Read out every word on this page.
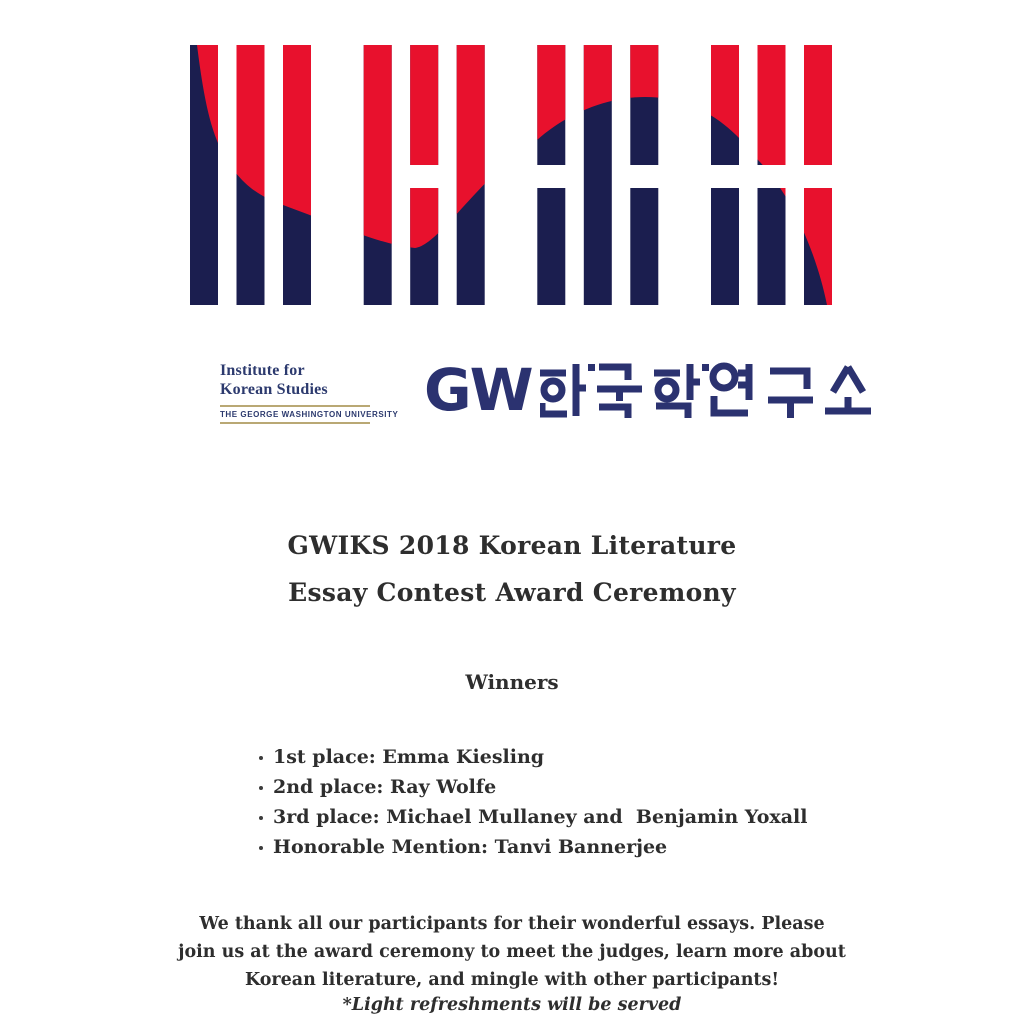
Institute for
Korean Studies
THE GEORGE WASHINGTON UNIVERSITY GW
GWIKS 2018 Korean Literature
Essay Contest Award Ceremony
Winners
1st place: Emma Kiesling
2nd place: Ray Wolfe
3rd place: Michael Mullaney and  Benjamin Yoxall
Honorable Mention: Tanvi Bannerjee
We thank all our participants for their wonderful essays. Please
join us at the award ceremony to meet the judges, learn more about
Korean literature, and mingle with other participants!
*Light refreshments will be served
